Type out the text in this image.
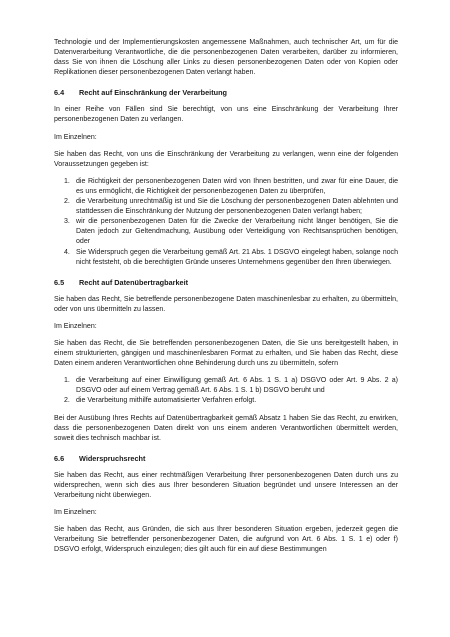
Technologie und der Implementierungskosten angemessene Maßnahmen, auch technischer Art, um für die Datenverarbeitung Verantwortliche, die die personenbezogenen Daten verarbeiten, darüber zu informieren, dass Sie von ihnen die Löschung aller Links zu diesen personenbezogenen Daten oder von Kopien oder Replikationen dieser personenbezogenen Daten verlangt haben.

6.4	Recht auf Einschränkung der Verarbeitung

In einer Reihe von Fällen sind Sie berechtigt, von uns eine Einschränkung der Verarbeitung Ihrer personenbezogenen Daten zu verlangen.

Im Einzelnen:

Sie haben das Recht, von uns die Einschränkung der Verarbeitung zu verlangen, wenn eine der folgenden Voraussetzungen gegeben ist:

1. die Richtigkeit der personenbezogenen Daten wird von Ihnen bestritten, und zwar für eine Dauer, die es uns ermöglicht, die Richtigkeit der personenbezogenen Daten zu überprüfen,
2. die Verarbeitung unrechtmäßig ist und Sie die Löschung der personenbezogenen Daten ablehnten und stattdessen die Einschränkung der Nutzung der personenbezogenen Daten verlangt haben;
3. wir die personenbezogenen Daten für die Zwecke der Verarbeitung nicht länger benötigen, Sie die Daten jedoch zur Geltendmachung, Ausübung oder Verteidigung von Rechtsansprüchen benötigen, oder
4. Sie Widerspruch gegen die Verarbeitung gemäß Art. 21 Abs. 1 DSGVO eingelegt haben, solange noch nicht feststeht, ob die berechtigten Gründe unseres Unternehmens gegenüber den Ihren überwiegen.
6.5	Recht auf Datenübertragbarkeit

Sie haben das Recht, Sie betreffende personenbezogene Daten maschinenlesbar zu erhalten, zu übermitteln, oder von uns übermitteln zu lassen.

Im Einzelnen:

Sie haben das Recht, die Sie betreffenden personenbezogenen Daten, die Sie uns bereitgestellt haben, in einem strukturierten, gängigen und maschinenlesbaren Format zu erhalten, und Sie haben das Recht, diese Daten einem anderen Verantwortlichen ohne Behinderung durch uns zu übermitteln, sofern

1. die Verarbeitung auf einer Einwilligung gemäß Art. 6 Abs. 1 S. 1 a) DSGVO oder Art. 9 Abs. 2 a) DSGVO oder auf einem Vertrag gemäß Art. 6 Abs. 1 S. 1 b) DSGVO beruht und
2. die Verarbeitung mithilfe automatisierter Verfahren erfolgt.

Bei der Ausübung Ihres Rechts auf Datenübertragbarkeit gemäß Absatz 1 haben Sie das Recht, zu erwirken, dass die personenbezogenen Daten direkt von uns einem anderen Verantwortlichen übermittelt werden, soweit dies technisch machbar ist.

6.6	Widerspruchsrecht

Sie haben das Recht, aus einer rechtmäßigen Verarbeitung Ihrer personenbezogenen Daten durch uns zu widersprechen, wenn sich dies aus Ihrer besonderen Situation begründet und unsere Interessen an der Verarbeitung nicht überwiegen.

Im Einzelnen:

Sie haben das Recht, aus Gründen, die sich aus Ihrer besonderen Situation ergeben, jederzeit gegen die Verarbeitung Sie betreffender personenbezogener Daten, die aufgrund von Art. 6 Abs. 1 S. 1 e) oder f) DSGVO erfolgt, Widerspruch einzulegen; dies gilt auch für ein auf diese Bestimmungen
